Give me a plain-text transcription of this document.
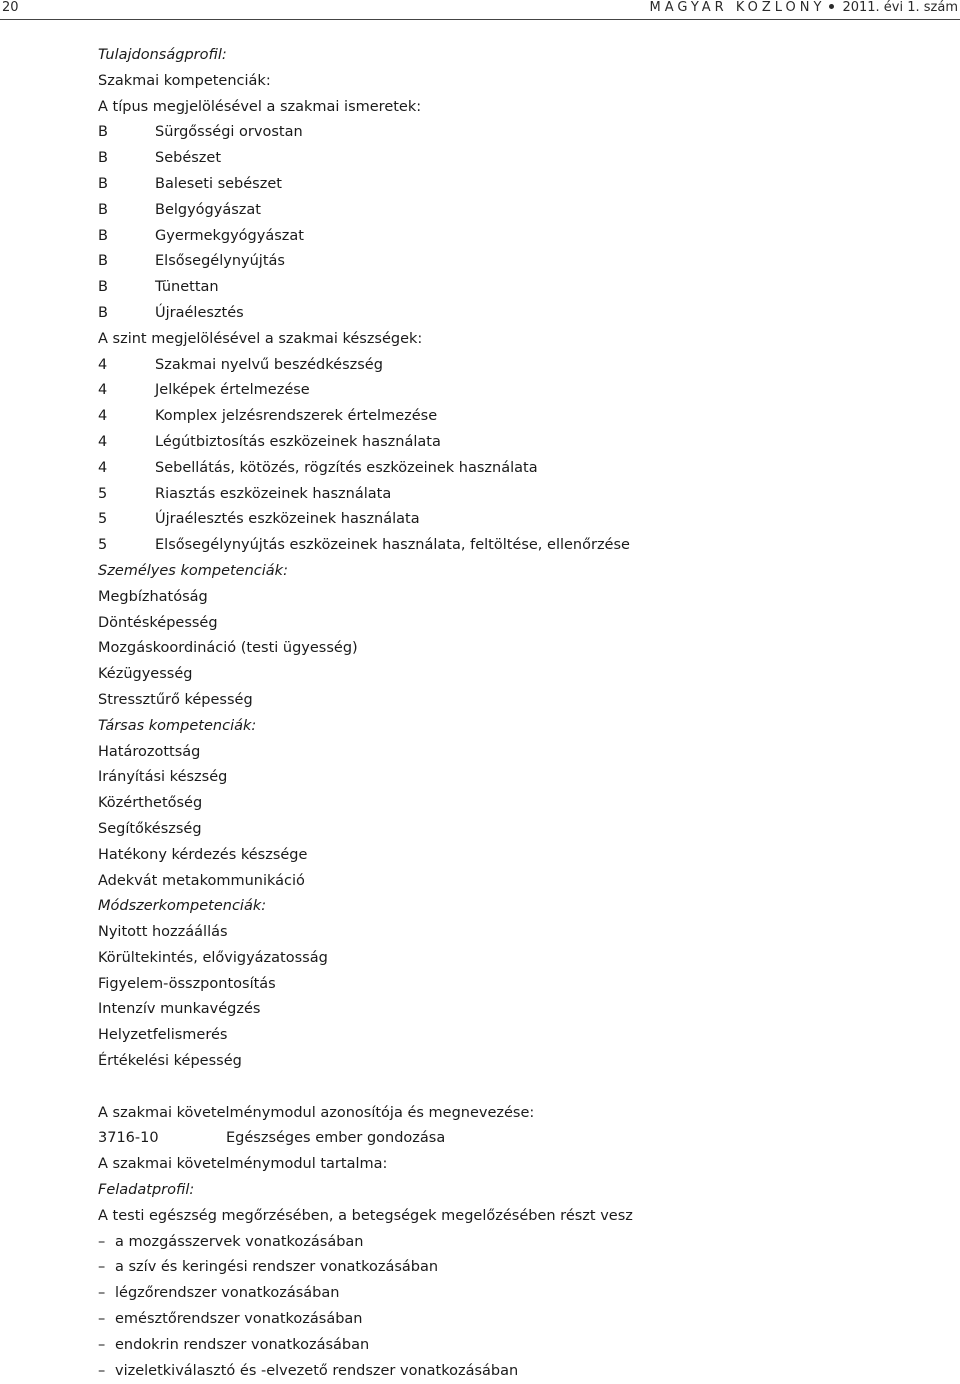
20	MAGYAR KÖZLÖNY 2011. évi 1. szám
Tulajdonságprofil:
Szakmai kompetenciák:
A típus megjelölésével a szakmai ismeretek:
B	Sürgősségi orvostan
B	Sebészet
B	Baleseti sebészet
B	Belgyógyászat
B	Gyermekgyógyászat
B	Elsősegélynyújtás
B	Tünettan
B	Újraélesztés
A szint megjelölésével a szakmai készségek:
4	Szakmai nyelvű beszédkészség
4	Jelképek értelmezése
4	Komplex jelzésrendszerek értelmezése
4	Légútbiztosítás eszközeinek használata
4	Sebellátás, kötözés, rögzítés eszközeinek használata
5	Riasztás eszközeinek használata
5	Újraélesztés eszközeinek használata
5	Elsősegélynyújtás eszközeinek használata, feltöltése, ellenőrzése
Személyes kompetenciák:
Megbízhatóság
Döntésképesség
Mozgáskoordináció (testi ügyesség)
Kézügyesség
Stressztűrő képesség
Társas kompetenciák:
Határozottság
Irányítási készség
Közérthetőség
Segítőkészség
Hatékony kérdezés készsége
Adekvát metakommunikáció
Módszerkompetenciák:
Nyitott hozzáállás
Körültekintés, elővigyázatosság
Figyelem-összpontosítás
Intenzív munkavégzés
Helyzetfelismerés
Értékelési képesség
A szakmai követelménymodul azonosítója és megnevezése:
3716-10	Egészséges ember gondozása
A szakmai követelménymodul tartalma:
Feladatprofil:
A testi egészség megőrzésében, a betegségek megelőzésében részt vesz
– a mozgásszervek vonatkozásában
– a szív és keringési rendszer vonatkozásában
– légzőrendszer vonatkozásában
– emésztőrendszer vonatkozásában
– endokrin rendszer vonatkozásában
– vizeletkiválasztó és -elvezető rendszer vonatkozásában
